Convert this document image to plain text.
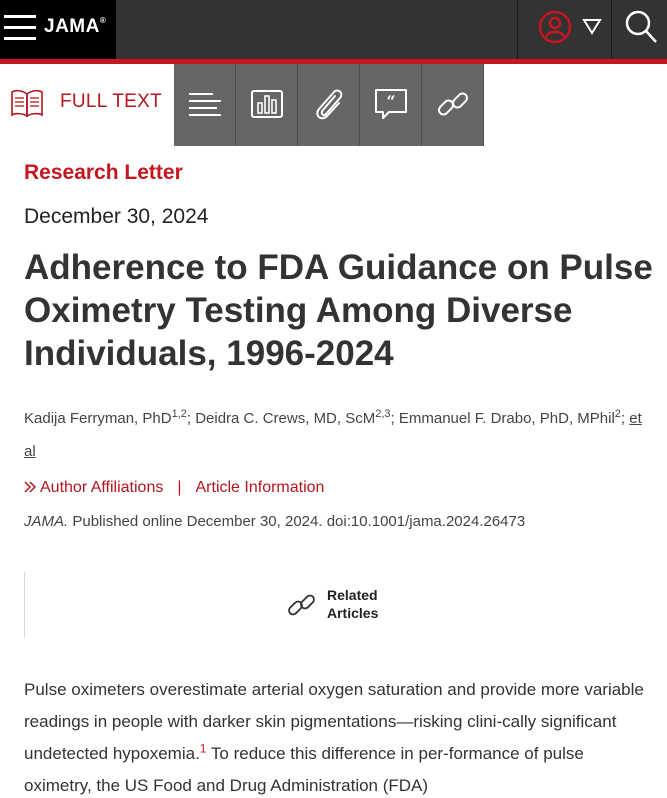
JAMA®
FULL TEXT	“
Research Letter
December 30, 2024
Adherence to FDA Guidance on Pulse Oximetry Testing Among Diverse Individuals, 1996-2024
Kadija Ferryman, PhD$^{1,2}$; Deidra C. Crews, MD, ScM$^{2,3}$; Emmanuel F. Drabo, PhD, MPhil$^2$; et al
Author Affiliations | Article Information
JAMA. Published online December 30, 2024. doi:10.1001/jama.2024.26473
Related
Articles

Pulse oximeters overestimate arterial oxygen saturation and provide more variable readings in people with darker skin pigmentations—risking clini-cally significant undetected hypoxemia.$^1$ To reduce this difference in per-formance of pulse oximetry, the US Food and Drug Administration (FDA)
